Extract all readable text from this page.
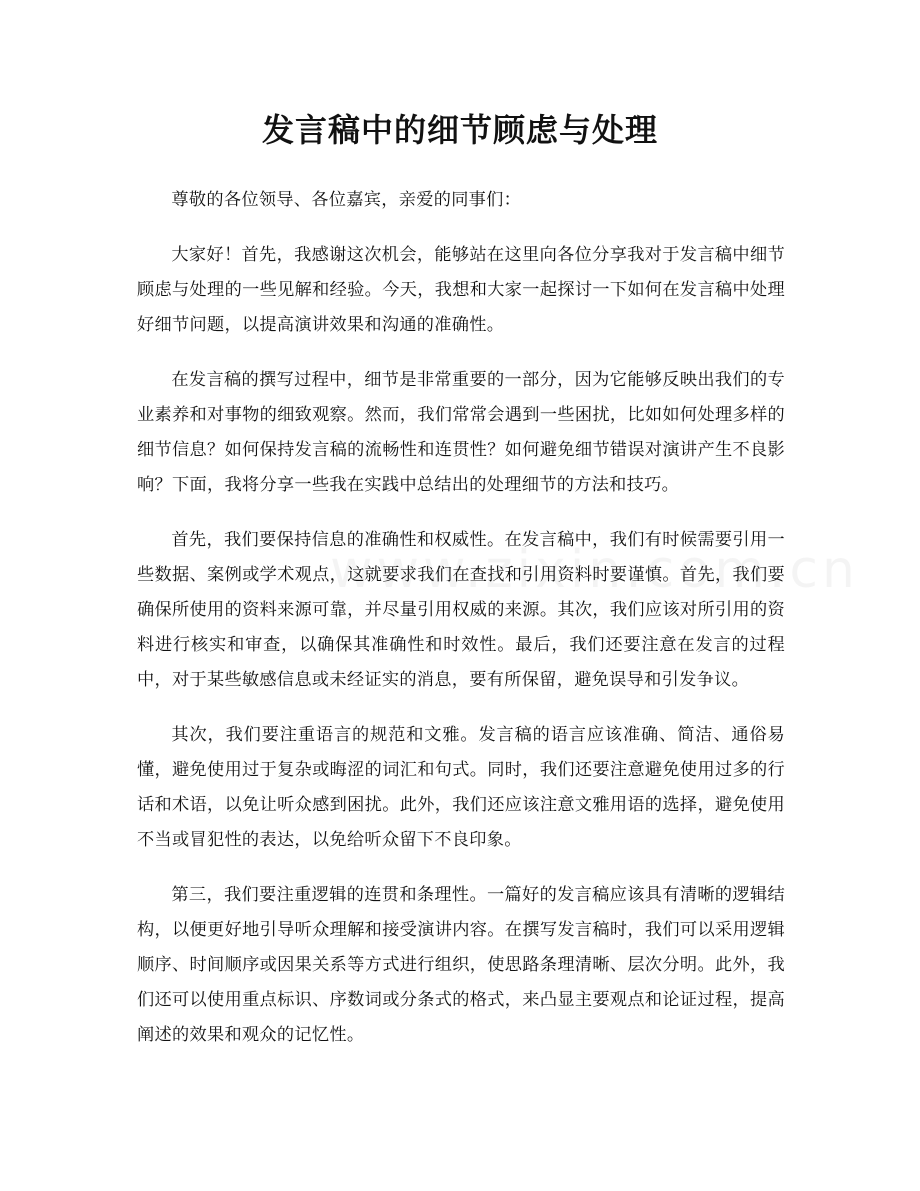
发言稿中的细节顾虑与处理

尊敬的各位领导、各位嘉宾，亲爱的同事们：

大家好！首先，我感谢这次机会，能够站在这里向各位分享我对于发言稿中细节顾虑与处理的一些见解和经验。今天，我想和大家一起探讨一下如何在发言稿中处理好细节问题，以提高演讲效果和沟通的准确性。

在发言稿的撰写过程中，细节是非常重要的一部分，因为它能够反映出我们的专业素养和对事物的细致观察。然而，我们常常会遇到一些困扰，比如如何处理多样的细节信息？如何保持发言稿的流畅性和连贯性？如何避免细节错误对演讲产生不良影响？下面，我将分享一些我在实践中总结出的处理细节的方法和技巧。

首先，我们要保持信息的准确性和权威性。在发言稿中，我们有时候需要引用一些数据、案例或学术观点，这就要求我们在查找和引用资料时要谨慎。首先，我们要确保所使用的资料来源可靠，并尽量引用权威的来源。其次，我们应该对所引用的资料进行核实和审查，以确保其准确性和时效性。最后，我们还要注意在发言的过程中，对于某些敏感信息或未经证实的消息，要有所保留，避免误导和引发争议。

其次，我们要注重语言的规范和文雅。发言稿的语言应该准确、简洁、通俗易懂，避免使用过于复杂或晦涩的词汇和句式。同时，我们还要注意避免使用过多的行话和术语，以免让听众感到困扰。此外，我们还应该注意文雅用语的选择，避免使用不当或冒犯性的表达，以免给听众留下不良印象。

第三，我们要注重逻辑的连贯和条理性。一篇好的发言稿应该具有清晰的逻辑结构，以便更好地引导听众理解和接受演讲内容。在撰写发言稿时，我们可以采用逻辑顺序、时间顺序或因果关系等方式进行组织，使思路条理清晰、层次分明。此外，我们还可以使用重点标识、序数词或分条式的格式，来凸显主要观点和论证过程，提高阐述的效果和观众的记忆性。
